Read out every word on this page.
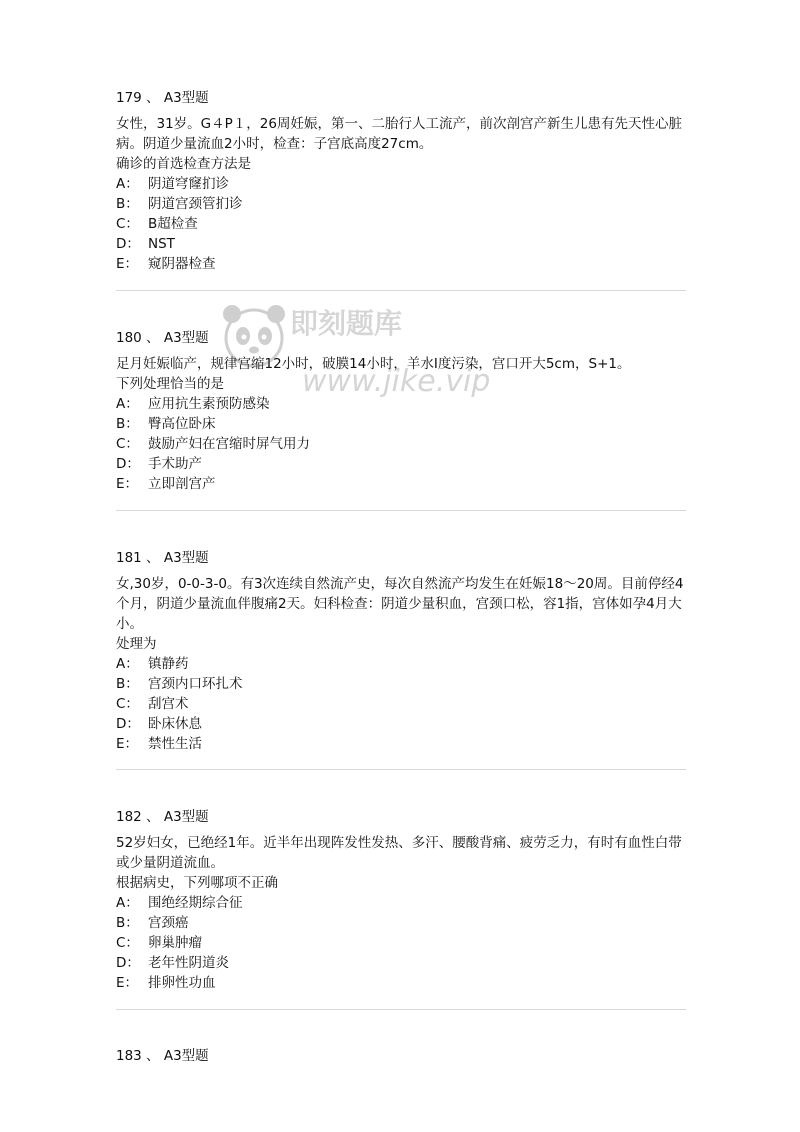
179 、 A3型题

女性，31岁。G４P１，26周妊娠，第一、二胎行人工流产，前次剖宫产新生儿患有先天性心脏病。阴道少量流血2小时，检查：子宫底高度27cm。

确诊的首选检查方法是

A： 阴道穹窿扪诊
B： 阴道宫颈管扪诊
C： B超检查
D： NST
E： 窥阴器检查
180 、 A3型题

足月妊娠临产，规律宫缩12小时，破膜14小时，羊水Ⅰ度污染，宫口开大5cm，S+1。

下列处理恰当的是

A： 应用抗生素预防感染
B： 臀高位卧床
C： 鼓励产妇在宫缩时屏气用力
D： 手术助产
E： 立即剖宫产
181 、 A3型题

女,30岁，0-0-3-0。有3次连续自然流产史，每次自然流产均发生在妊娠18～20周。目前停经4个月，阴道少量流血伴腹痛2天。妇科检查：阴道少量积血，宫颈口松，容1指，宫体如孕4月大小。

处理为

A： 镇静药
B： 宫颈内口环扎术
C： 刮宫术
D： 卧床休息
E： 禁性生活
182 、 A3型题

52岁妇女，已绝经1年。近半年出现阵发性发热、多汗、腰酸背痛、疲劳乏力，有时有血性白带或少量阴道流血。

根据病史，下列哪项不正确

A： 围绝经期综合征
B： 宫颈癌
C： 卵巢肿瘤
D： 老年性阴道炎
E： 排卵性功血
183 、 A3型题
即刻题库
www.jike.vip
